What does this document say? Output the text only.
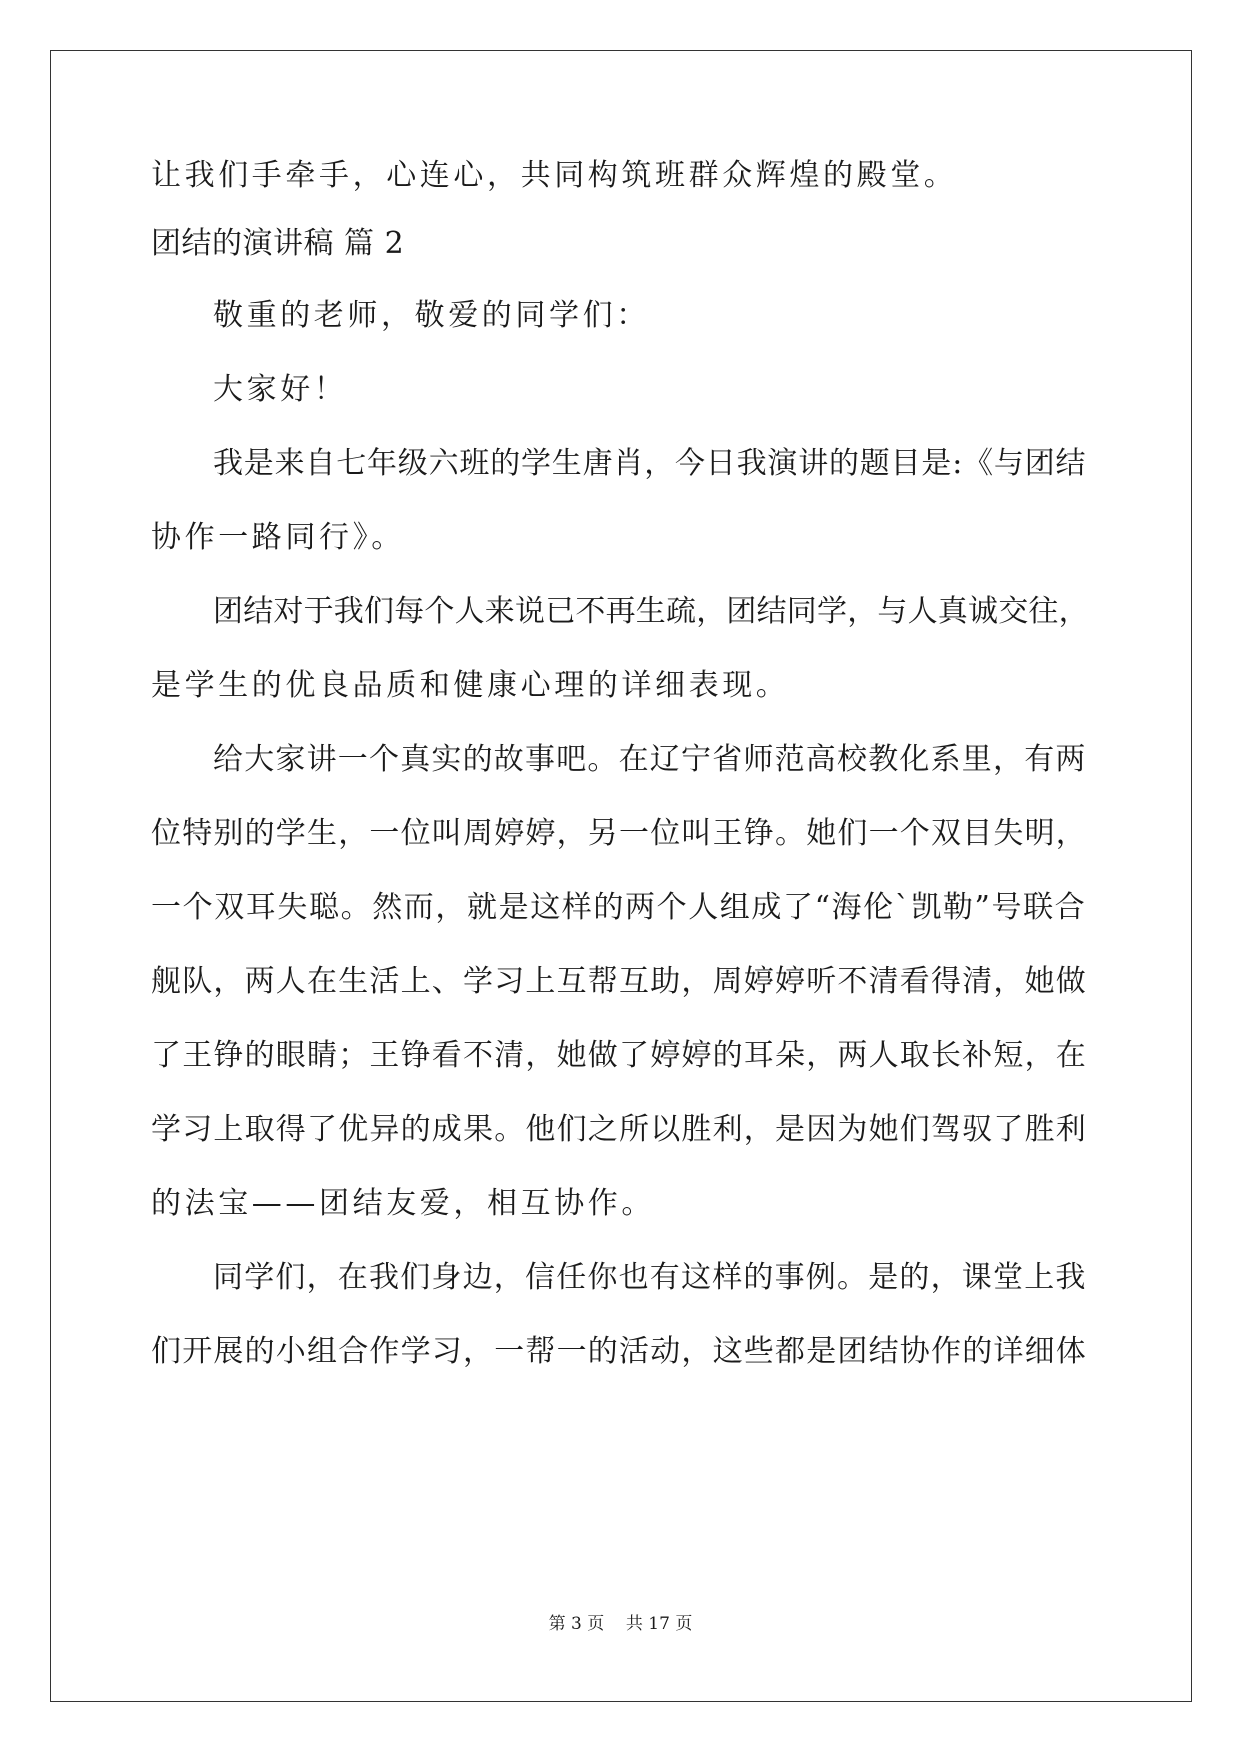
让我们手牵手，心连心，共同构筑班群众辉煌的殿堂。
团结的演讲稿 篇 2
敬重的老师，敬爱的同学们：
大家好！
我是来自七年级六班的学生唐肖，今日我演讲的题目是:《与团结
协作一路同行》。
团结对于我们每个人来说已不再生疏，团结同学，与人真诚交往，
是学生的优良品质和健康心理的详细表现。
给大家讲一个真实的故事吧。在辽宁省师范高校教化系里，有两
位特别的学生，一位叫周婷婷，另一位叫王铮。她们一个双目失明，
一个双耳失聪。然而，就是这样的两个人组成了“海伦`凯勒”号联合
舰队，两人在生活上、学习上互帮互助，周婷婷听不清看得清，她做
了王铮的眼睛；王铮看不清，她做了婷婷的耳朵，两人取长补短，在
学习上取得了优异的成果。他们之所以胜利，是因为她们驾驭了胜利
的法宝——团结友爱，相互协作。
同学们，在我们身边，信任你也有这样的事例。是的，课堂上我
们开展的小组合作学习，一帮一的活动，这些都是团结协作的详细体
第 3 页    共 17 页
